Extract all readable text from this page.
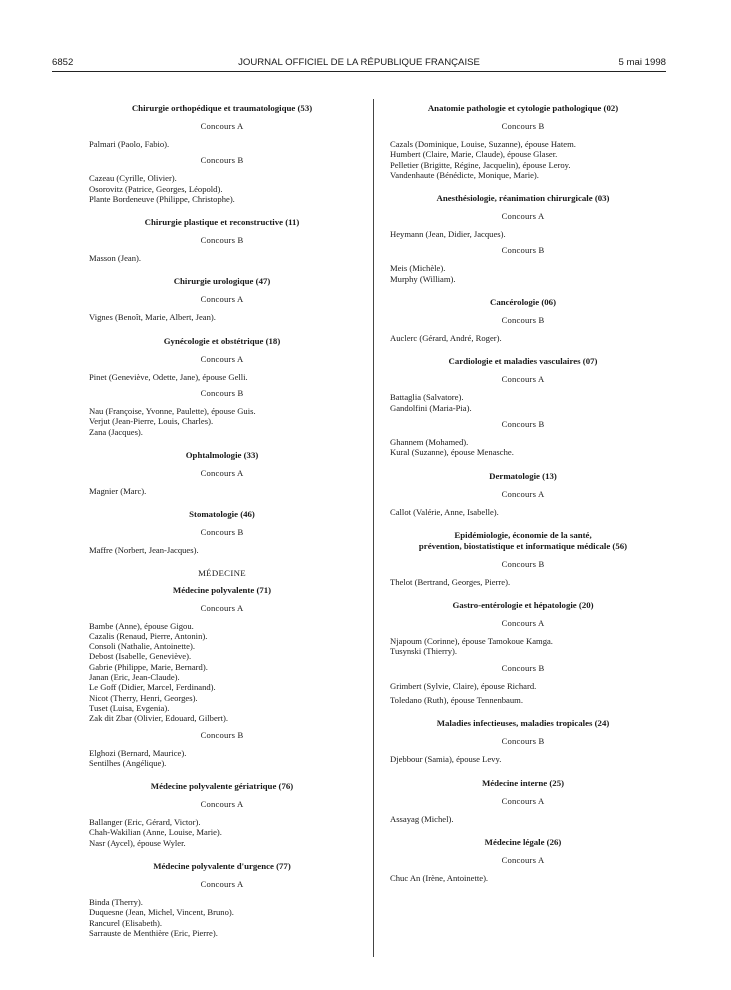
6852	JOURNAL OFFICIEL DE LA RÉPUBLIQUE FRANÇAISE	5 mai 1998
Chirurgie orthopédique et traumatologique (53)
Concours A
Palmari (Paolo, Fabio).
Concours B
Cazeau (Cyrille, Olivier).
Osorovitz (Patrice, Georges, Léopold).
Plante Bordeneuve (Philippe, Christophe).
Chirurgie plastique et reconstructive (11)
Concours B
Masson (Jean).
Chirurgie urologique (47)
Concours A
Vignes (Benoît, Marie, Albert, Jean).
Gynécologie et obstétrique (18)
Concours A
Pinet (Geneviève, Odette, Jane), épouse Gelli.
Concours B
Nau (Françoise, Yvonne, Paulette), épouse Guis.
Verjut (Jean-Pierre, Louis, Charles).
Zana (Jacques).
Ophtalmologie (33)
Concours A
Magnier (Marc).
Stomatologie (46)
Concours B
Maffre (Norbert, Jean-Jacques).
MÉDECINE
Médecine polyvalente (71)
Concours A
Bambe (Anne), épouse Gigou.
Cazalis (Renaud, Pierre, Antonin).
Consoli (Nathalie, Antoinette).
Debost (Isabelle, Geneviève).
Gabrie (Philippe, Marie, Bernard).
Janan (Eric, Jean-Claude).
Le Goff (Didier, Marcel, Ferdinand).
Nicot (Therry, Henri, Georges).
Tuset (Luisa, Evgenia).
Zak dit Zbar (Olivier, Edouard, Gilbert).
Concours B
Elghozi (Bernard, Maurice).
Sentilhes (Angélique).
Médecine polyvalente gériatrique (76)
Concours A
Ballanger (Eric, Gérard, Victor).
Chah-Wakilian (Anne, Louise, Marie).
Nasr (Aycel), épouse Wyler.
Médecine polyvalente d'urgence (77)
Concours A
Binda (Therry).
Duquesne (Jean, Michel, Vincent, Bruno).
Rancurel (Elisabeth).
Sarrauste de Menthière (Eric, Pierre).
Anatomie pathologie et cytologie pathologique (02)
Concours B
Cazals (Dominique, Louise, Suzanne), épouse Hatem.
Humbert (Claire, Marie, Claude), épouse Glaser.
Pelletier (Brigitte, Régine, Jacquelin), épouse Leroy.
Vandenhaute (Bénédicte, Monique, Marie).
Anesthésiologie, réanimation chirurgicale (03)
Concours A
Heymann (Jean, Didier, Jacques).
Concours B
Meis (Michèle).
Murphy (William).
Cancérologie (06)
Concours B
Auclerc (Gérard, André, Roger).
Cardiologie et maladies vasculaires (07)
Concours A
Battaglia (Salvatore).
Gandolfini (Maria-Pia).
Concours B
Ghannem (Mohamed).
Kural (Suzanne), épouse Menasche.
Dermatologie (13)
Concours A
Callot (Valérie, Anne, Isabelle).
Epidémiologie, économie de la santé,
prévention, biostatistique et informatique médicale (56)
Concours B
Thelot (Bertrand, Georges, Pierre).
Gastro-entérologie et hépatologie (20)
Concours A
Njapoum (Corinne), épouse Tamokoue Kamga.
Tusynski (Thierry).
Concours B
Grimbert (Sylvie, Claire), épouse Richard.
Toledano (Ruth), épouse Tennenbaum.
Maladies infectieuses, maladies tropicales (24)
Concours B
Djebbour (Samia), épouse Levy.
Médecine interne (25)
Concours A
Assayag (Michel).
Médecine légale (26)
Concours A
Chuc An (Irène, Antoinette).
